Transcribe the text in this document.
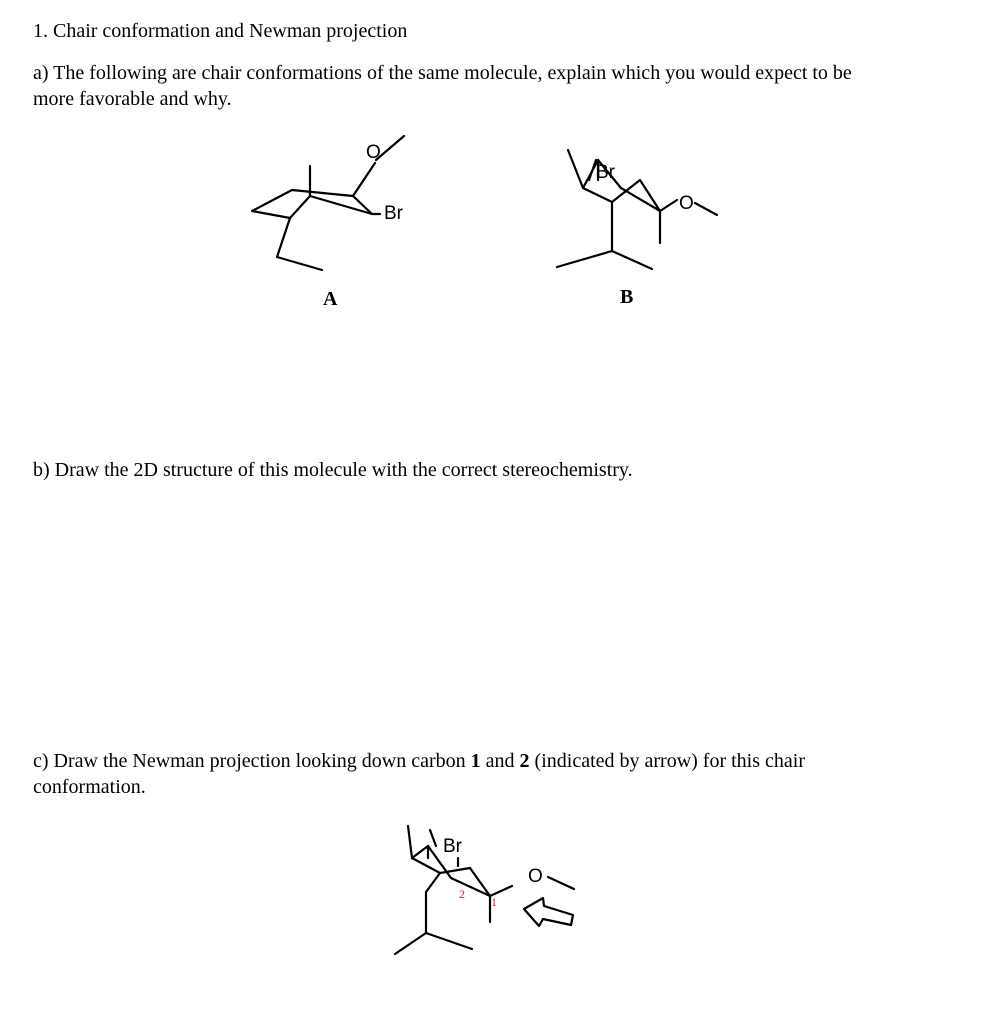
1. Chair conformation and Newman projection
a) The following are chair conformations of the same molecule, explain which you would expect to be
more favorable and why.
A	B
b) Draw the 2D structure of this molecule with the correct stereochemistry.
c) Draw the Newman projection looking down carbon 1 and 2 (indicated by arrow) for this chair
conformation.
O
Br	O
Br
O
Br
2
1
